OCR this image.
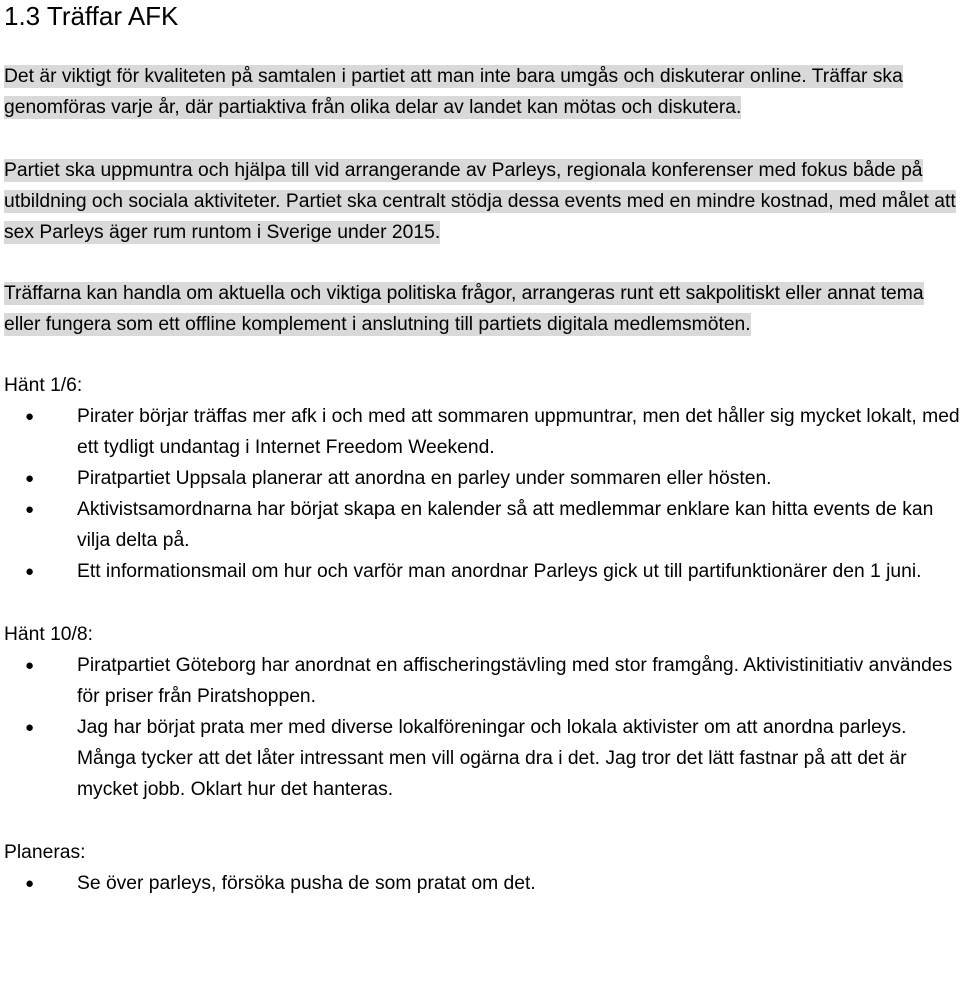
1.3 Träffar AFK

Det är viktigt för kvaliteten på samtalen i partiet att man inte bara umgås och diskuterar online. Träffar ska genomföras varje år, där partiaktiva från olika delar av landet kan mötas och diskutera.

Partiet ska uppmuntra och hjälpa till vid arrangerande av Parleys, regionala konferenser med fokus både på utbildning och sociala aktiviteter. Partiet ska centralt stödja dessa events med en mindre kostnad, med målet att sex Parleys äger rum runtom i Sverige under 2015.

Träffarna kan handla om aktuella och viktiga politiska frågor, arrangeras runt ett sakpolitiskt eller annat tema eller fungera som ett offline komplement i anslutning till partiets digitala medlemsmöten.

Hänt 1/6:
● Pirater börjar träffas mer afk i och med att sommaren uppmuntrar, men det håller sig mycket lokalt, med ett tydligt undantag i Internet Freedom Weekend.
● Piratpartiet Uppsala planerar att anordna en parley under sommaren eller hösten.
● Aktivistsamordnarna har börjat skapa en kalender så att medlemmar enklare kan hitta events de kan vilja delta på.
● Ett informationsmail om hur och varför man anordnar Parleys gick ut till partifunktionärer den 1 juni.
Hänt 10/8:
● Piratpartiet Göteborg har anordnat en affischeringstävling med stor framgång. Aktivistinitiativ användes för priser från Piratshoppen.
● Jag har börjat prata mer med diverse lokalföreningar och lokala aktivister om att anordna parleys. Många tycker att det låter intressant men vill ogärna dra i det. Jag tror det lätt fastnar på att det är mycket jobb. Oklart hur det hanteras.
Planeras:
● Se över parleys, försöka pusha de som pratat om det.
